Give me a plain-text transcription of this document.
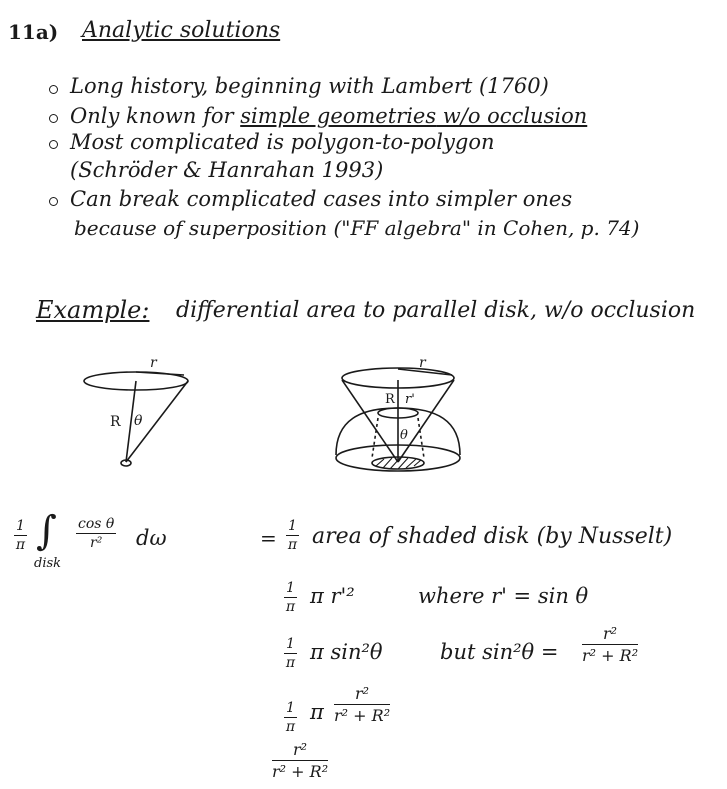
11a) Analytic solutions
Long history, beginning with Lambert (1760)
Only known for simple geometries w/o occlusion
Most complicated is polygon-to-polygon
(Schröder & Hanrahan 1993)
Can break complicated cases into simpler ones
because of superposition ("FF algebra" in Cohen, p. 74)
Example: differential area to parallel disk, w/o occlusion
r
R θ
r
R r'
θ
$\frac{1}{\pi}$ ∫
disk
$\frac{\text{cos θ}}{\text{r²}}$ dω	= $\frac{1}{\pi}$ area of shaded disk (by Nusselt)
$\frac{1}{\pi}$ π r'²	where r' = sin θ
$\frac{1}{\pi}$ π sin²θ	but $\sin^2\theta = \frac{\text{r²}}{\text{r² + R²}}$
$\frac{1}{\pi}$ π $\frac{\text{r²}}{\text{r² + R²}}$
$\frac{\text{r²}}{\text{r² + R²}}$
